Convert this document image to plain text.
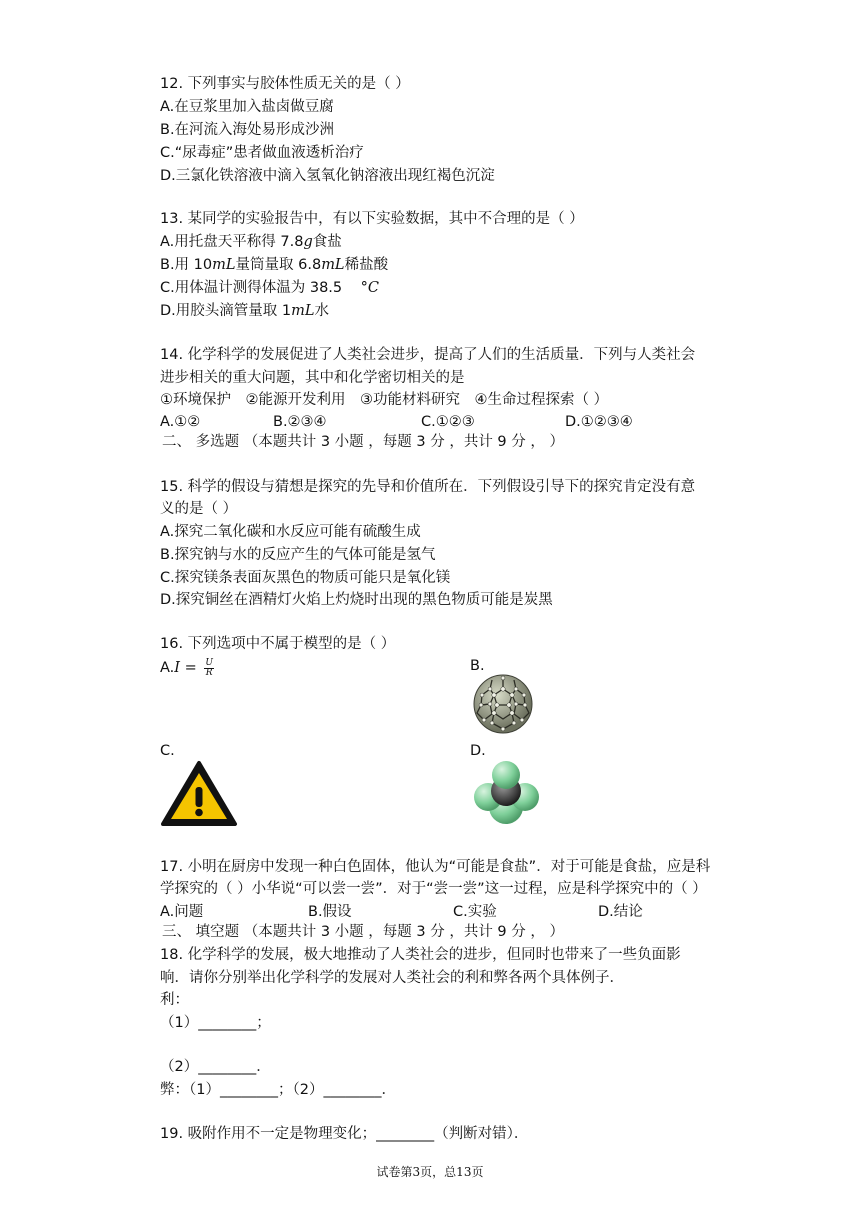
12. 下列事实与胶体性质无关的是（ ）
A.在豆浆里加入盐卤做豆腐
B.在河流入海处易形成沙洲
C.“尿毒症”患者做血液透析治疗
D.三氯化铁溶液中滴入氢氧化钠溶液出现红褐色沉淀
13. 某同学的实验报告中，有以下实验数据，其中不合理的是（ ）
A.用托盘天平称得 7.8g食盐
B.用 10mL量筒量取 6.8mL稀盐酸
C.用体温计测得体温为 38.5 °C
D.用胶头滴管量取 1mL水
14. 化学科学的发展促进了人类社会进步，提高了人们的生活质量．下列与人类社会
进步相关的重大问题，其中和化学密切相关的是
①环境保护　②能源开发利用　③功能材料研究　④生命过程探索（ ）
A.①②	B.②③④	C.①②③	D.①②③④
二、 多选题 （本题共计 3 小题 ，每题 3 分 ，共计 9 分 ， ）
15. 科学的假设与猜想是探究的先导和价值所在．下列假设引导下的探究肯定没有意
义的是（ ）
A.探究二氧化碳和水反应可能有硫酸生成
B.探究钠与水的反应产生的气体可能是氢气
C.探究镁条表面灰黑色的物质可能只是氧化镁
D.探究铜丝在酒精灯火焰上灼烧时出现的黑色物质可能是炭黑
16. 下列选项中不属于模型的是（ ）
$A.I = \frac{U}{R}$	B.
C.	D.
17. 小明在厨房中发现一种白色固体，他认为“可能是食盐”．对于可能是食盐，应是科
学探究的（ ）小华说“可以尝一尝”．对于“尝一尝”这一过程，应是科学探究中的（ ）
A.问题	B.假设	C.实验	D.结论
三、 填空题 （本题共计 3 小题 ，每题 3 分 ，共计 9 分 ， ）
18. 化学科学的发展，极大地推动了人类社会的进步，但同时也带来了一些负面影
响．请你分别举出化学科学的发展对人类社会的利和弊各两个具体例子．
利：
（1）________；
（2）________．
弊：（1）________；（2）________．
19. 吸附作用不一定是物理变化；________（判断对错）．
试卷第3页，总13页
